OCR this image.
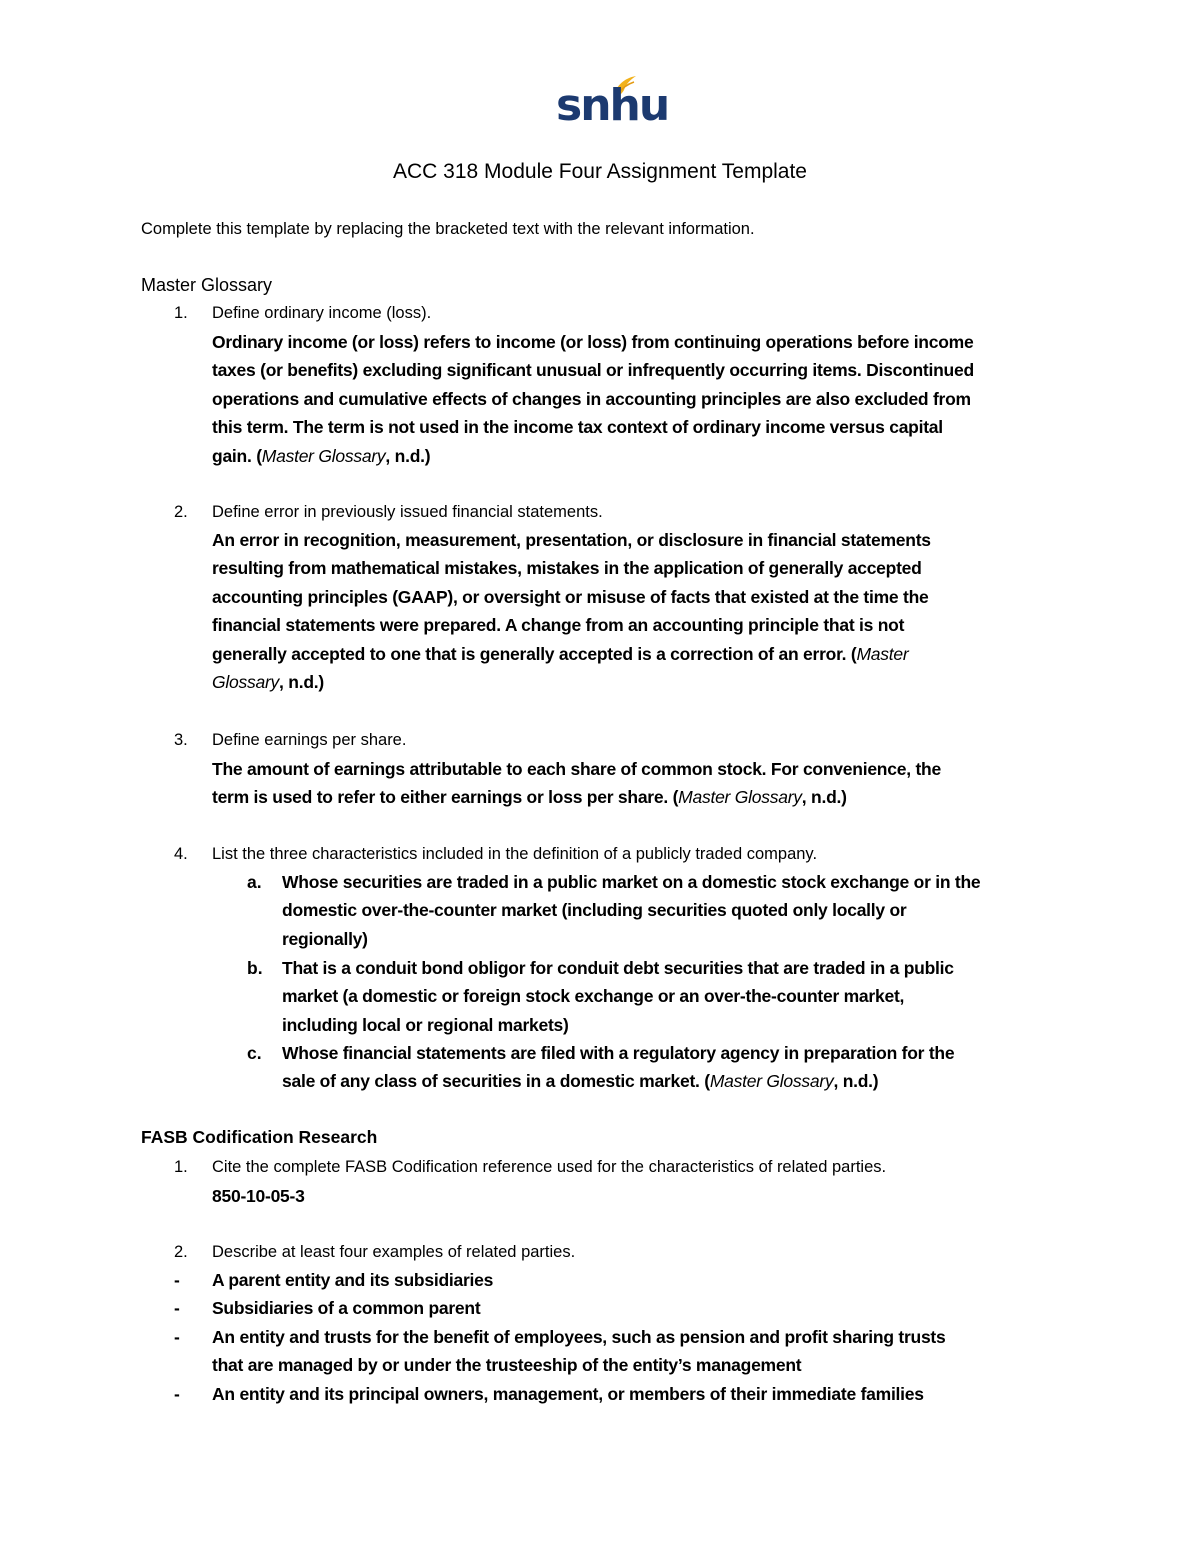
snhu
ACC 318 Module Four Assignment Template
Complete this template by replacing the bracketed text with the relevant information.
Master Glossary
1. Define ordinary income (loss).
Ordinary income (or loss) refers to income (or loss) from continuing operations before income
taxes (or benefits) excluding significant unusual or infrequently occurring items. Discontinued
operations and cumulative effects of changes in accounting principles are also excluded from
this term. The term is not used in the income tax context of ordinary income versus capital
gain. (Master Glossary, n.d.)
2. Define error in previously issued financial statements.
An error in recognition, measurement, presentation, or disclosure in financial statements
resulting from mathematical mistakes, mistakes in the application of generally accepted
accounting principles (GAAP), or oversight or misuse of facts that existed at the time the
financial statements were prepared. A change from an accounting principle that is not
generally accepted to one that is generally accepted is a correction of an error. (Master
Glossary, n.d.)
3. Define earnings per share.
The amount of earnings attributable to each share of common stock. For convenience, the
term is used to refer to either earnings or loss per share. (Master Glossary, n.d.)
4. List the three characteristics included in the definition of a publicly traded company.
a. Whose securities are traded in a public market on a domestic stock exchange or in the
domestic over-the-counter market (including securities quoted only locally or
regionally)
b. That is a conduit bond obligor for conduit debt securities that are traded in a public
market (a domestic or foreign stock exchange or an over-the-counter market,
including local or regional markets)
c. Whose financial statements are filed with a regulatory agency in preparation for the
sale of any class of securities in a domestic market. (Master Glossary, n.d.)
FASB Codification Research
1. Cite the complete FASB Codification reference used for the characteristics of related parties.
850-10-05-3
2. Describe at least four examples of related parties.
- A parent entity and its subsidiaries
- Subsidiaries of a common parent
- An entity and trusts for the benefit of employees, such as pension and profit sharing trusts
that are managed by or under the trusteeship of the entity’s management
- An entity and its principal owners, management, or members of their immediate families
